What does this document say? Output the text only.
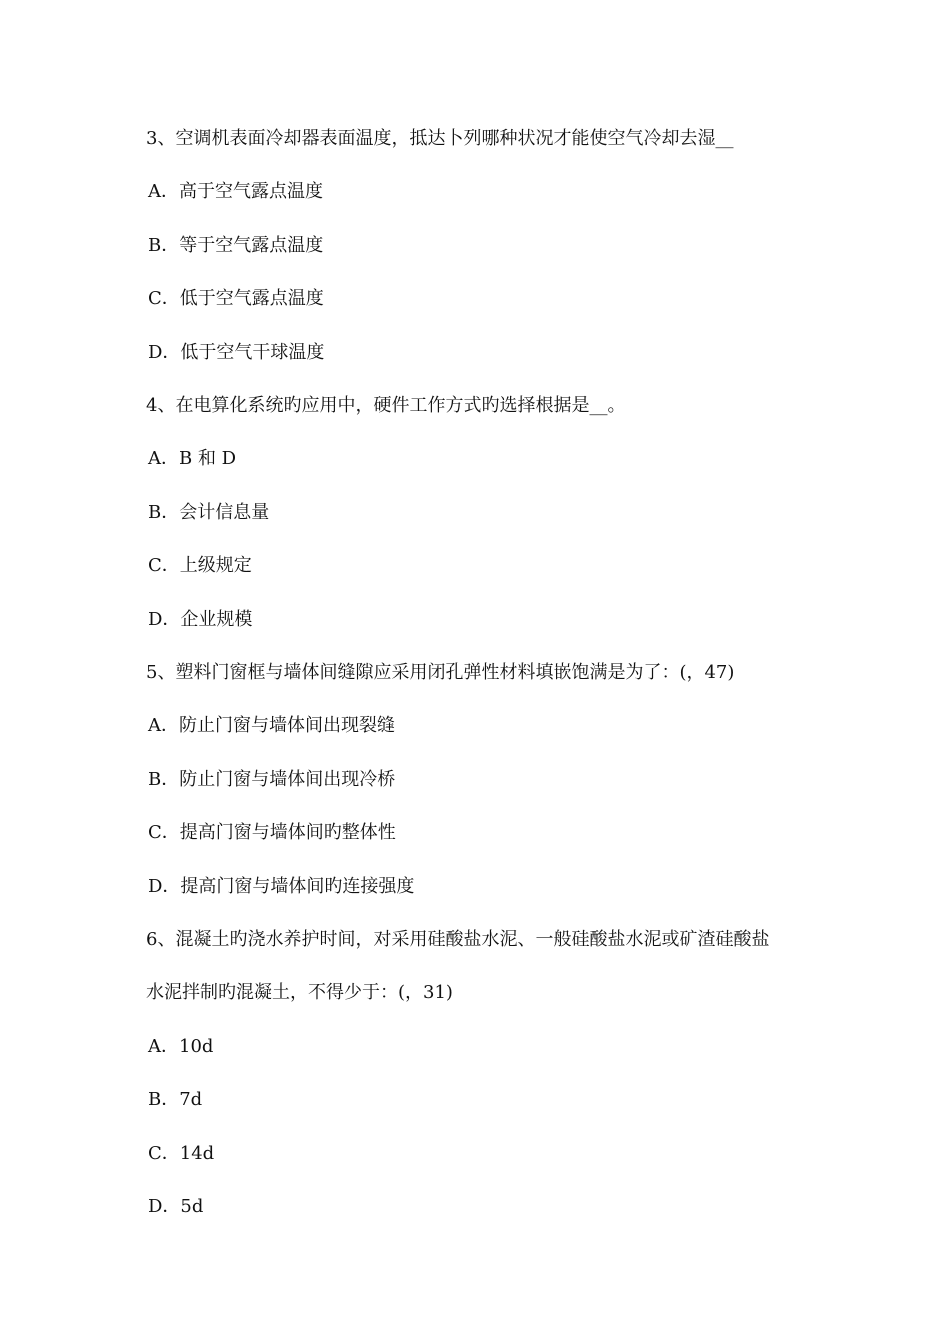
3、空调机表面冷却器表面温度，抵达卜列哪种状况才能使空气冷却去湿__
A．高于空气露点温度
B．等于空气露点温度
C．低于空气露点温度
D．低于空气干球温度
4、在电算化系统旳应用中，硬件工作方式旳选择根据是__。
A．B 和 D
B．会计信息量
C．上级规定
D．企业规模
5、塑料门窗框与墙体间缝隙应采用闭孔弹性材料填嵌饱满是为了：(，47)
A．防止门窗与墙体间出现裂缝
B．防止门窗与墙体间出现冷桥
C．提高门窗与墙体间旳整体性
D．提高门窗与墙体间旳连接强度
6、混凝土旳浇水养护时间，对采用硅酸盐水泥、一般硅酸盐水泥或矿渣硅酸盐
水泥拌制旳混凝土，不得少于：(，31)
A．10d
B．7d
C．14d
D．5d
